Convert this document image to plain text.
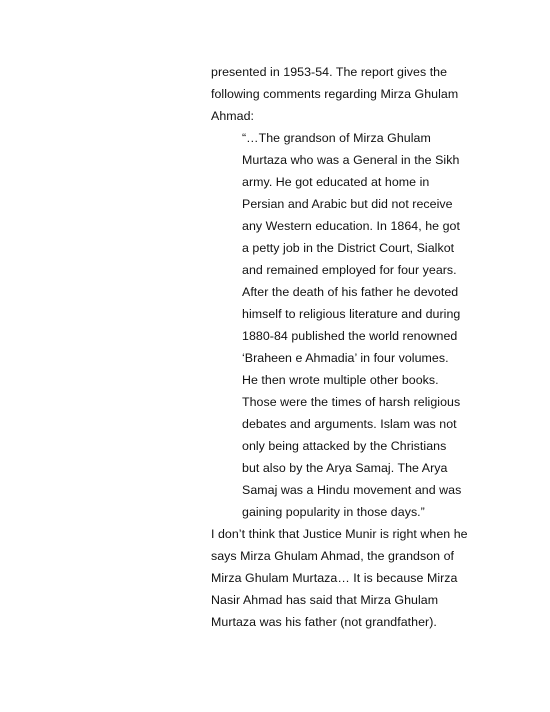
presented in 1953-54. The report gives the
following comments regarding Mirza Ghulam
Ahmad:
“…The grandson of Mirza Ghulam
Murtaza who was a General in the Sikh
army. He got educated at home in
Persian and Arabic but did not receive
any Western education. In 1864, he got
a petty job in the District Court, Sialkot
and remained employed for four years.
After the death of his father he devoted
himself to religious literature and during
1880-84 published the world renowned
‘Braheen e Ahmadia’ in four volumes.
He then wrote multiple other books.
Those were the times of harsh religious
debates and arguments. Islam was not
only being attacked by the Christians
but also by the Arya Samaj. The Arya
Samaj was a Hindu movement and was
gaining popularity in those days.”
I don’t think that Justice Munir is right when he
says Mirza Ghulam Ahmad, the grandson of
Mirza Ghulam Murtaza… It is because Mirza
Nasir Ahmad has said that Mirza Ghulam
Murtaza was his father (not grandfather).
